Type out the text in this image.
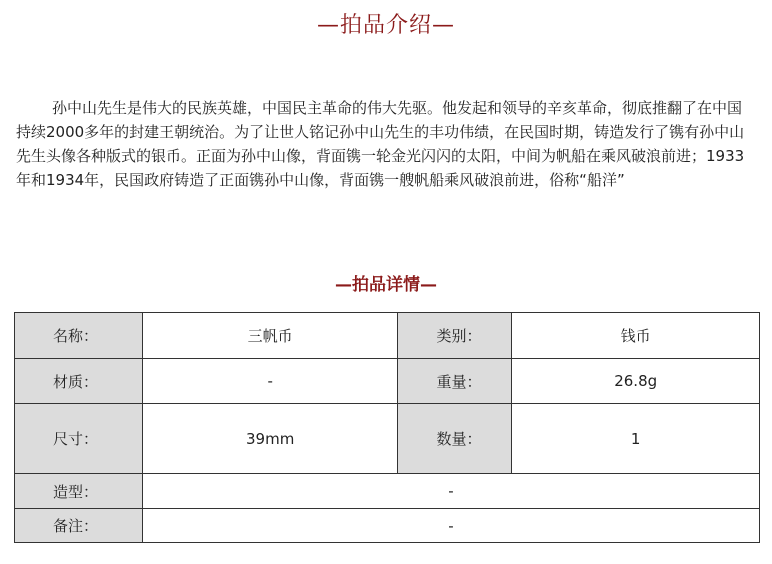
—拍品介绍—
孙中山先生是伟大的民族英雄，中国民主革命的伟大先驱。他发起和领导的辛亥革命，彻底推翻了在中国持续2000多年的封建王朝统治。为了让世人铭记孙中山先生的丰功伟绩，在民国时期，铸造发行了镌有孙中山先生头像各种版式的银币。正面为孙中山像，背面镌一轮金光闪闪的太阳，中间为帆船在乘风破浪前进；1933年和1934年，民国政府铸造了正面镌孙中山像，背面镌一艘帆船乘风破浪前进，俗称“船洋”
—拍品详情—
名称：	三帆币	类别：	钱币
材质：	-	重量：	26.8g
尺寸：	39mm	数量：	1
造型：	-		
备注：	-		
